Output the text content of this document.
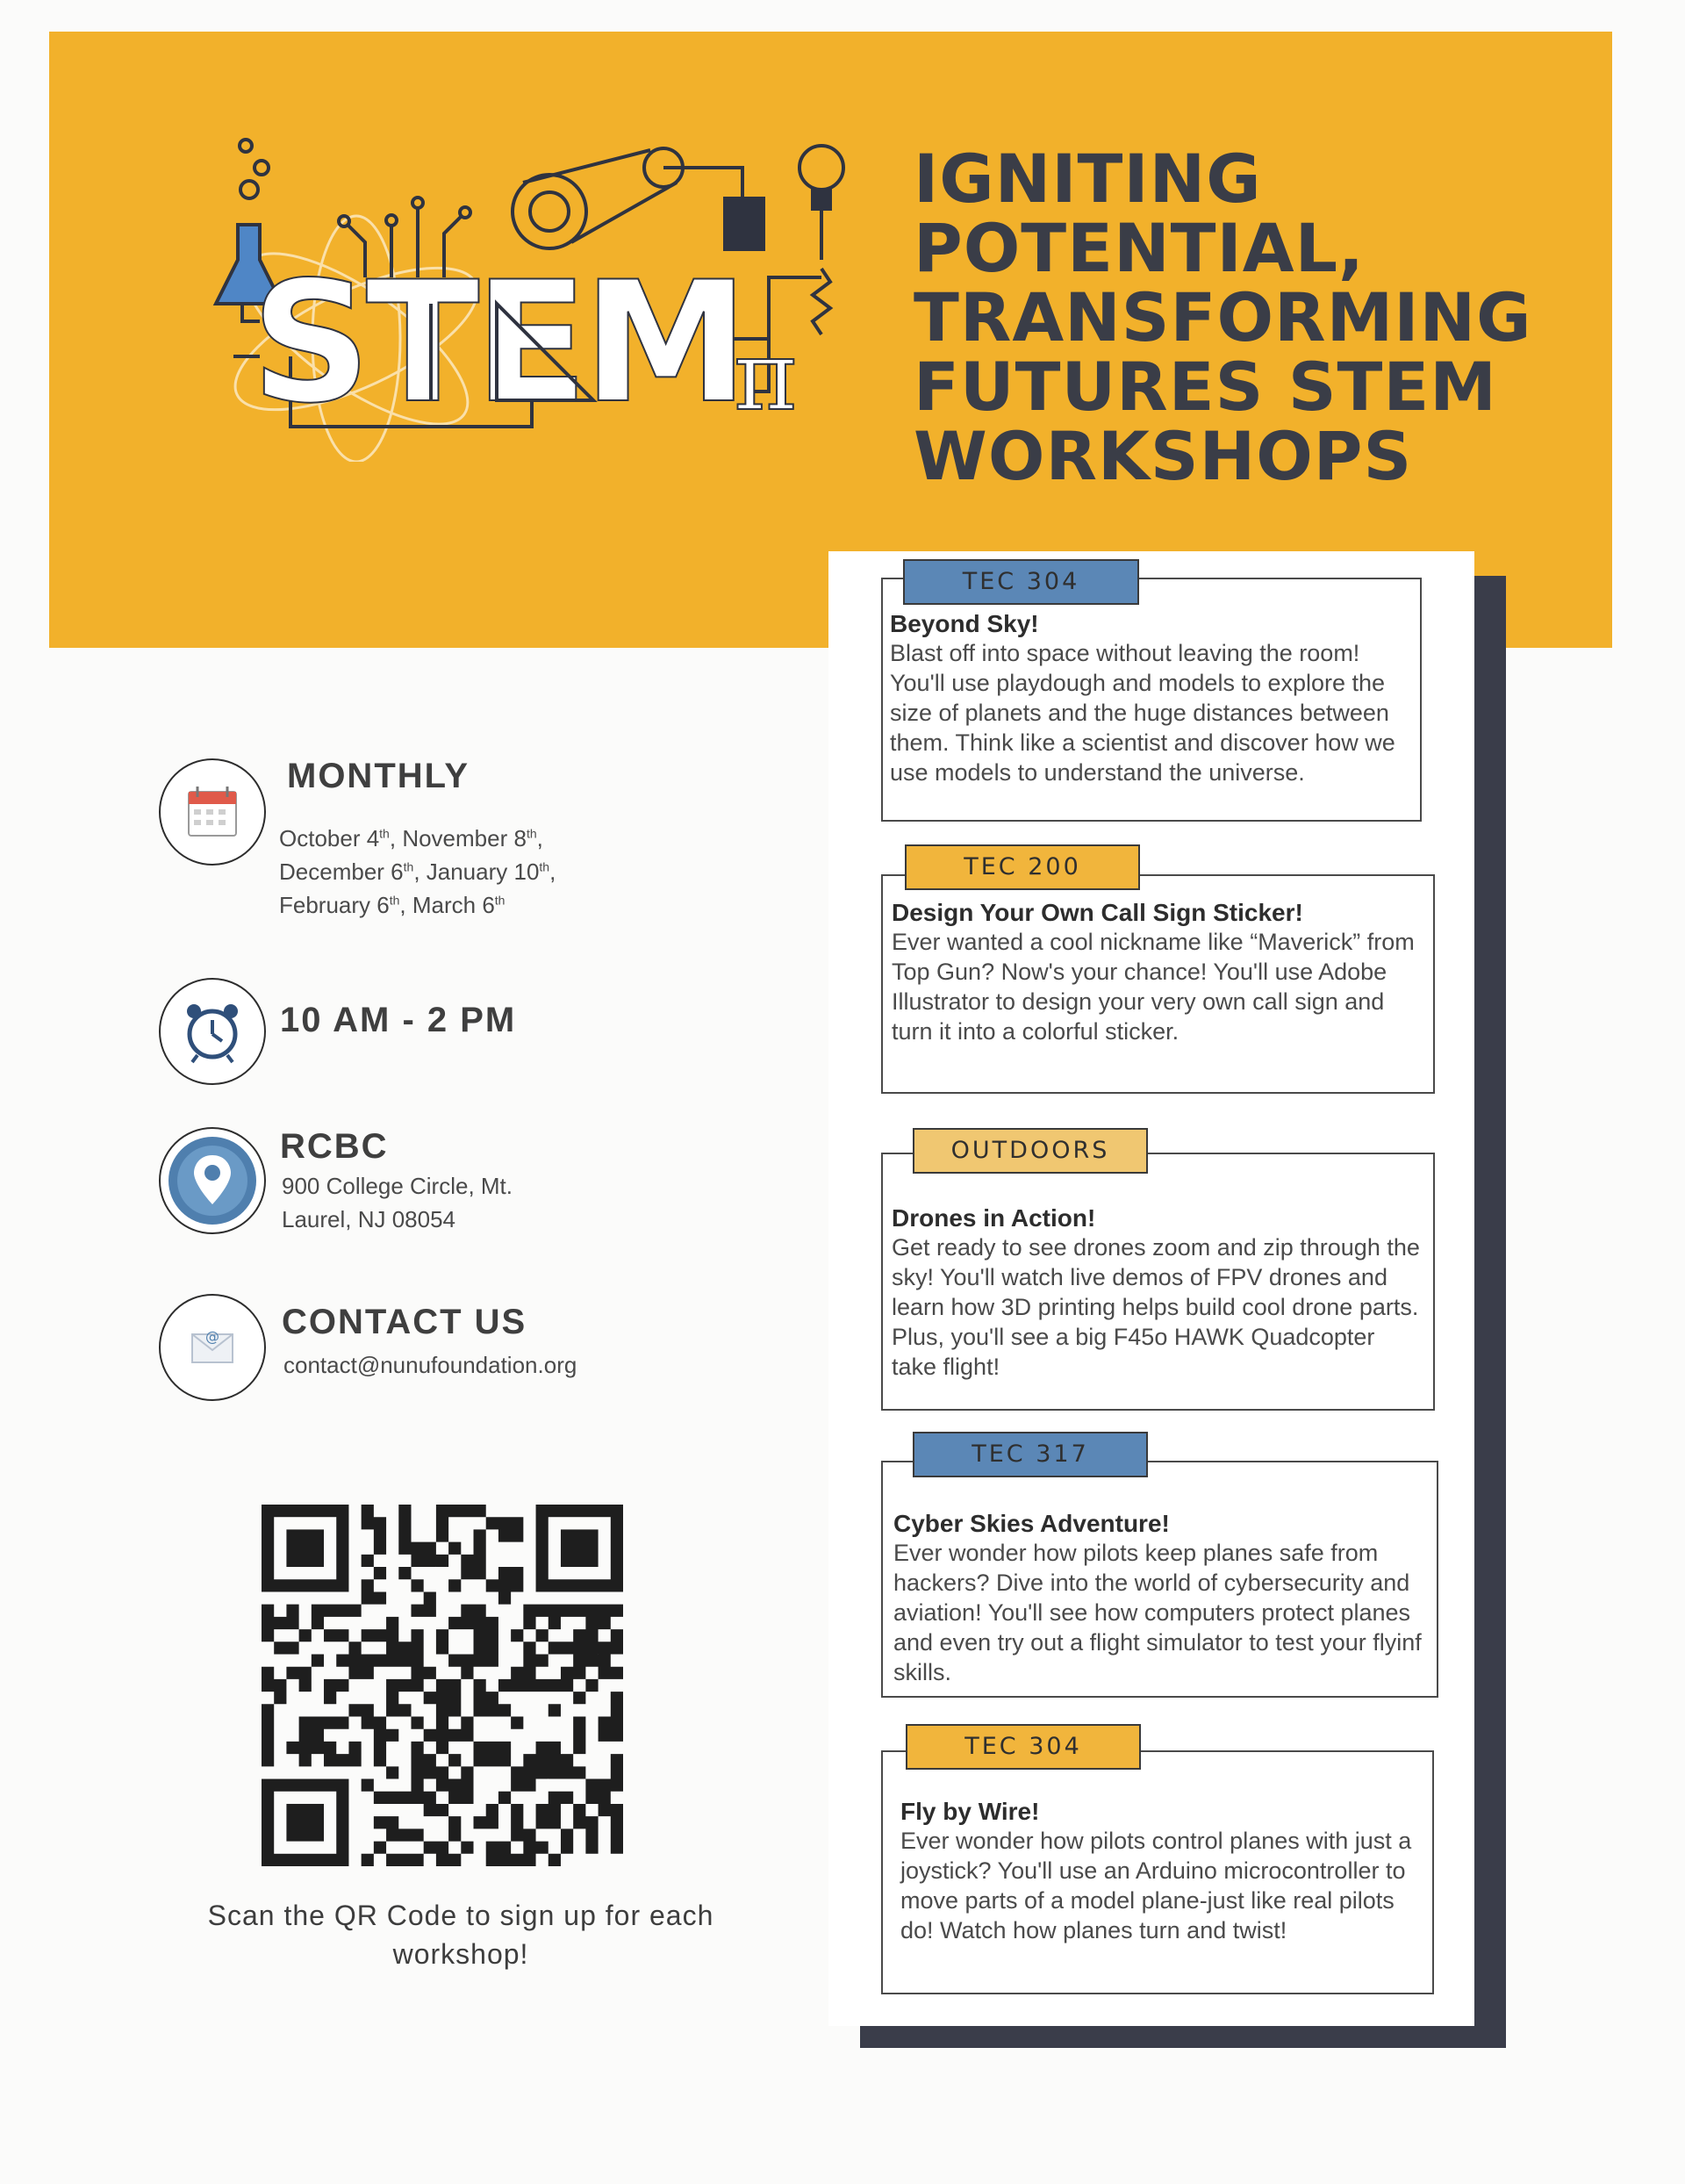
STEM
π
IGNITING
POTENTIAL,
TRANSFORMING
FUTURES STEM
WORKSHOPS
TEC 304

Beyond Sky!

Blast off into space without leaving the room! You'll use playdough and models to explore the size of planets and the huge distances between them. Think like a scientist and discover how we use models to understand the universe.

TEC 200

Design Your Own Call Sign Sticker!

Ever wanted a cool nickname like “Maverick” from Top Gun? Now's your chance! You'll use Adobe Illustrator to design your very own call sign and turn it into a colorful sticker.

OUTDOORS

Drones in Action!

Get ready to see drones zoom and zip through the sky! You'll watch live demos of FPV drones and learn how 3D printing helps build cool drone parts. Plus, you'll see a big F45o HAWK Quadcopter take flight!

TEC 317

Cyber Skies Adventure!

Ever wonder how pilots keep planes safe from hackers? Dive into the world of cybersecurity and aviation! You'll see how computers protect planes and even try out a flight simulator to test your flyinf skills.

TEC 304

Fly by Wire!

Ever wonder how pilots control planes with just a joystick? You'll use an Arduino microcontroller to move parts of a model plane-just like real pilots do! Watch how planes turn and twist!

MONTHLY

October 4th, November 8th,
December 6th, January 10th,
February 6th, March 6th

10 AM - 2 PM
RCBC

900 College Circle, Mt.
Laurel, NJ 08054

@ CONTACT US

contact@nunufoundation.org

Scan the QR Code to sign up for each
workshop!
